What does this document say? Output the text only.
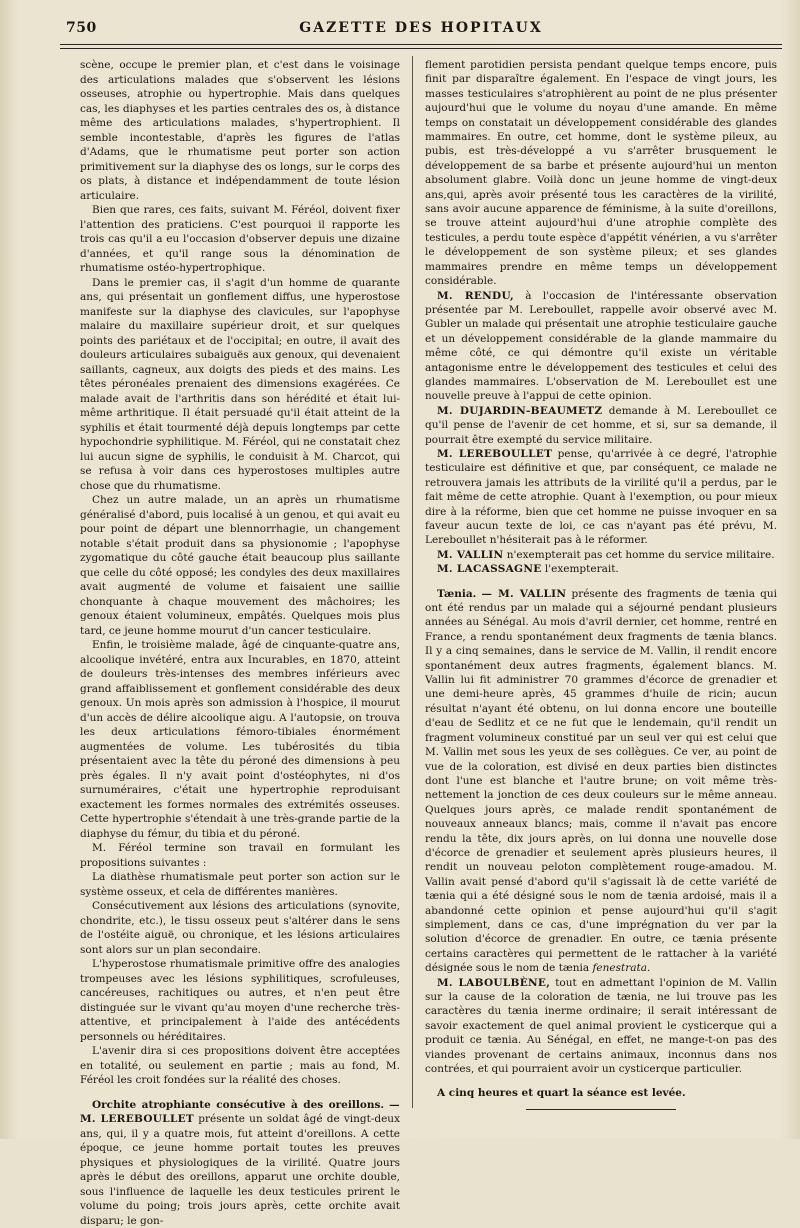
750	GAZETTE DES HOPITAUX

scène, occupe le premier plan, et c'est dans le voisinage des articulations malades que s'observent les lésions osseuses, atrophie ou hypertrophie. Mais dans quelques cas, les diaphyses et les parties centrales des os, à distance même des articulations malades, s'hypertrophient. Il semble incontestable, d'après les figures de l'atlas d'Adams, que le rhumatisme peut porter son action primitivement sur la diaphyse des os longs, sur le corps des os plats, à distance et indépendamment de toute lésion articulaire.

Bien que rares, ces faits, suivant M. Féréol, doivent fixer l'attention des praticiens. C'est pourquoi il rapporte les trois cas qu'il a eu l'occasion d'observer depuis une dizaine d'années, et qu'il range sous la dénomination de rhumatisme ostéo-hypertrophique.

Dans le premier cas, il s'agit d'un homme de quarante ans, qui présentait un gonflement diffus, une hyperostose manifeste sur la diaphyse des clavicules, sur l'apophyse malaire du maxillaire supérieur droit, et sur quelques points des pariétaux et de l'occipital; en outre, il avait des douleurs articulaires subaiguës aux genoux, qui devenaient saillants, cagneux, aux doigts des pieds et des mains. Les têtes péronéales prenaient des dimensions exagérées. Ce malade avait de l'arthritis dans son hérédité et était lui-même arthritique. Il était persuadé qu'il était atteint de la syphilis et était tourmenté déjà depuis longtemps par cette hypochondrie syphilitique. M. Féréol, qui ne constatait chez lui aucun signe de syphilis, le conduisit à M. Charcot, qui se refusa à voir dans ces hyperostoses multiples autre chose que du rhumatisme.

Chez un autre malade, un an après un rhumatisme généralisé d'abord, puis localisé à un genou, et qui avait eu pour point de départ une blennorrhagie, un changement notable s'était produit dans sa physionomie ; l'apophyse zygomatique du côté gauche était beaucoup plus saillante que celle du côté opposé; les condyles des deux maxillaires avait augmenté de volume et faisaient une saillie chonquante à chaque mouvement des mâchoires; les genoux étaient volumineux, empâtés. Quelques mois plus tard, ce jeune homme mourut d'un cancer testiculaire.

Enfin, le troisième malade, âgé de cinquante-quatre ans, alcoolique invétéré, entra aux Incurables, en 1870, atteint de douleurs très-intenses des membres inférieurs avec grand affaiblissement et gonflement considérable des deux genoux. Un mois après son admission à l'hospice, il mourut d'un accès de délire alcoolique aigu. A l'autopsie, on trouva les deux articulations fémoro-tibiales énormément augmentées de volume. Les tubérosités du tibia présentaient avec la tête du péroné des dimensions à peu près égales. Il n'y avait point d'ostéophytes, ni d'os surnuméraires, c'était une hypertrophie reproduisant exactement les formes normales des extrémités osseuses. Cette hypertrophie s'étendait à une très-grande partie de la diaphyse du fémur, du tibia et du péroné.

M. Féréol termine son travail en formulant les propositions suivantes :

La diathèse rhumatismale peut porter son action sur le système osseux, et cela de différentes manières.

Consécutivement aux lésions des articulations (synovite, chondrite, etc.), le tissu osseux peut s'altérer dans le sens de l'ostéite aiguë, ou chronique, et les lésions articulaires sont alors sur un plan secondaire.

L'hyperostose rhumatismale primitive offre des analogies trompeuses avec les lésions syphilitiques, scrofuleuses, cancéreuses, rachitiques ou autres, et n'en peut être distinguée sur le vivant qu'au moyen d'une recherche très-attentive, et principalement à l'aide des antécédents personnels ou héréditaires.

L'avenir dira si ces propositions doivent être acceptées en totalité, ou seulement en partie ; mais au fond, M. Féréol les croit fondées sur la réalité des choses.

Orchite atrophiante consécutive à des oreillons. — M. LEREBOULLET présente un soldat âgé de vingt-deux ans, qui, il y a quatre mois, fut atteint d'oreillons. A cette époque, ce jeune homme portait toutes les preuves physiques et physiologiques de la virilité. Quatre jours après le début des oreillons, apparut une orchite double, sous l'influence de laquelle les deux testicules prirent le volume du poing; trois jours après, cette orchite avait disparu; le gon-

flement parotidien persista pendant quelque temps encore, puis finit par disparaître également. En l'espace de vingt jours, les masses testiculaires s'atrophièrent au point de ne plus présenter aujourd'hui que le volume du noyau d'une amande. En même temps on constatait un développement considérable des glandes mammaires. En outre, cet homme, dont le système pileux, au pubis, est très-développé a vu s'arrêter brusquement le développement de sa barbe et présente aujourd'hui un menton absolument glabre. Voilà donc un jeune homme de vingt-deux ans,qui, après avoir présenté tous les caractères de la virilité, sans avoir aucune apparence de féminisme, à la suite d'oreillons, se trouve atteint aujourd'hui d'une atrophie complète des testicules, a perdu toute espèce d'appétit vénérien, a vu s'arrêter le développement de son système pileux; et ses glandes mammaires prendre en même temps un développement considérable.

M. RENDU, à l'occasion de l'intéressante observation présentée par M. Lereboullet, rappelle avoir observé avec M. Gubler un malade qui présentait une atrophie testiculaire gauche et un développement considérable de la glande mammaire du même côté, ce qui démontre qu'il existe un véritable antagonisme entre le développement des testicules et celui des glandes mammaires. L'observation de M. Lereboullet est une nouvelle preuve à l'appui de cette opinion.

M. DUJARDIN-BEAUMETZ demande à M. Lereboullet ce qu'il pense de l'avenir de cet homme, et si, sur sa demande, il pourrait être exempté du service militaire.

M. LEREBOULLET pense, qu'arrivée à ce degré, l'atrophie testiculaire est définitive et que, par conséquent, ce malade ne retrouvera jamais les attributs de la virilité qu'il a perdus, par le fait même de cette atrophie. Quant à l'exemption, ou pour mieux dire à la réforme, bien que cet homme ne puisse invoquer en sa faveur aucun texte de loi, ce cas n'ayant pas été prévu, M. Lereboullet n'hésiterait pas à le réformer.

M. VALLIN n'exempterait pas cet homme du service militaire.

M. LACASSAGNE l'exempterait.

Tænia. — M. VALLIN présente des fragments de tænia qui ont été rendus par un malade qui a séjourné pendant plusieurs années au Sénégal. Au mois d'avril dernier, cet homme, rentré en France, a rendu spontanément deux fragments de tænia blancs. Il y a cinq semaines, dans le service de M. Vallin, il rendit encore spontanément deux autres fragments, également blancs. M. Vallin lui fit administrer 70 grammes d'écorce de grenadier et une demi-heure après, 45 grammes d'huile de ricin; aucun résultat n'ayant été obtenu, on lui donna encore une bouteille d'eau de Sedlitz et ce ne fut que le lendemain, qu'il rendit un fragment volumineux constitué par un seul ver qui est celui que M. Vallin met sous les yeux de ses collègues. Ce ver, au point de vue de la coloration, est divisé en deux parties bien distinctes dont l'une est blanche et l'autre brune; on voit même très-nettement la jonction de ces deux couleurs sur le même anneau. Quelques jours après, ce malade rendit spontanément de nouveaux anneaux blancs; mais, comme il n'avait pas encore rendu la tête, dix jours après, on lui donna une nouvelle dose d'écorce de grenadier et seulement après plusieurs heures, il rendit un nouveau peloton complètement rouge-amadou. M. Vallin avait pensé d'abord qu'il s'agissait là de cette variété de tænia qui a été désigné sous le nom de tænia ardoisé, mais il a abandonné cette opinion et pense aujourd'hui qu'il s'agit simplement, dans ce cas, d'une imprégnation du ver par la solution d'écorce de grenadier. En outre, ce tænia présente certains caractères qui permettent de le rattacher à la variété désignée sous le nom de tænia fenestrata.

M. LABOULBÈNE, tout en admettant l'opinion de M. Vallin sur la cause de la coloration de tænia, ne lui trouve pas les caractères du tænia inerme ordinaire; il serait intéressant de savoir exactement de quel animal provient le cysticerque qui a produit ce tænia. Au Sénégal, en effet, ne mange-t-on pas des viandes provenant de certains animaux, inconnus dans nos contrées, et qui pourraient avoir un cysticerque particulier.

A cinq heures et quart la séance est levée.
